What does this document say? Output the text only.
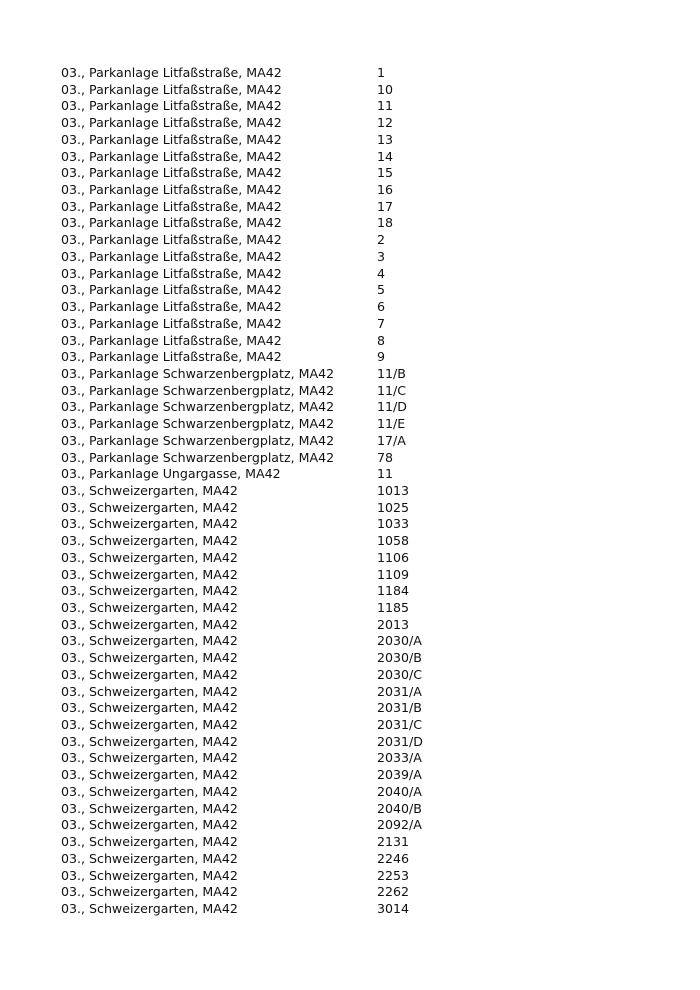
03., Parkanlage Litfaßstraße, MA42	1
03., Parkanlage Litfaßstraße, MA42	10
03., Parkanlage Litfaßstraße, MA42	11
03., Parkanlage Litfaßstraße, MA42	12
03., Parkanlage Litfaßstraße, MA42	13
03., Parkanlage Litfaßstraße, MA42	14
03., Parkanlage Litfaßstraße, MA42	15
03., Parkanlage Litfaßstraße, MA42	16
03., Parkanlage Litfaßstraße, MA42	17
03., Parkanlage Litfaßstraße, MA42	18
03., Parkanlage Litfaßstraße, MA42	2
03., Parkanlage Litfaßstraße, MA42	3
03., Parkanlage Litfaßstraße, MA42	4
03., Parkanlage Litfaßstraße, MA42	5
03., Parkanlage Litfaßstraße, MA42	6
03., Parkanlage Litfaßstraße, MA42	7
03., Parkanlage Litfaßstraße, MA42	8
03., Parkanlage Litfaßstraße, MA42	9
03., Parkanlage Schwarzenbergplatz, MA42	11/B
03., Parkanlage Schwarzenbergplatz, MA42	11/C
03., Parkanlage Schwarzenbergplatz, MA42	11/D
03., Parkanlage Schwarzenbergplatz, MA42	11/E
03., Parkanlage Schwarzenbergplatz, MA42	17/A
03., Parkanlage Schwarzenbergplatz, MA42	78
03., Parkanlage Ungargasse, MA42	11
03., Schweizergarten, MA42	1013
03., Schweizergarten, MA42	1025
03., Schweizergarten, MA42	1033
03., Schweizergarten, MA42	1058
03., Schweizergarten, MA42	1106
03., Schweizergarten, MA42	1109
03., Schweizergarten, MA42	1184
03., Schweizergarten, MA42	1185
03., Schweizergarten, MA42	2013
03., Schweizergarten, MA42	2030/A
03., Schweizergarten, MA42	2030/B
03., Schweizergarten, MA42	2030/C
03., Schweizergarten, MA42	2031/A
03., Schweizergarten, MA42	2031/B
03., Schweizergarten, MA42	2031/C
03., Schweizergarten, MA42	2031/D
03., Schweizergarten, MA42	2033/A
03., Schweizergarten, MA42	2039/A
03., Schweizergarten, MA42	2040/A
03., Schweizergarten, MA42	2040/B
03., Schweizergarten, MA42	2092/A
03., Schweizergarten, MA42	2131
03., Schweizergarten, MA42	2246
03., Schweizergarten, MA42	2253
03., Schweizergarten, MA42	2262
03., Schweizergarten, MA42	3014
